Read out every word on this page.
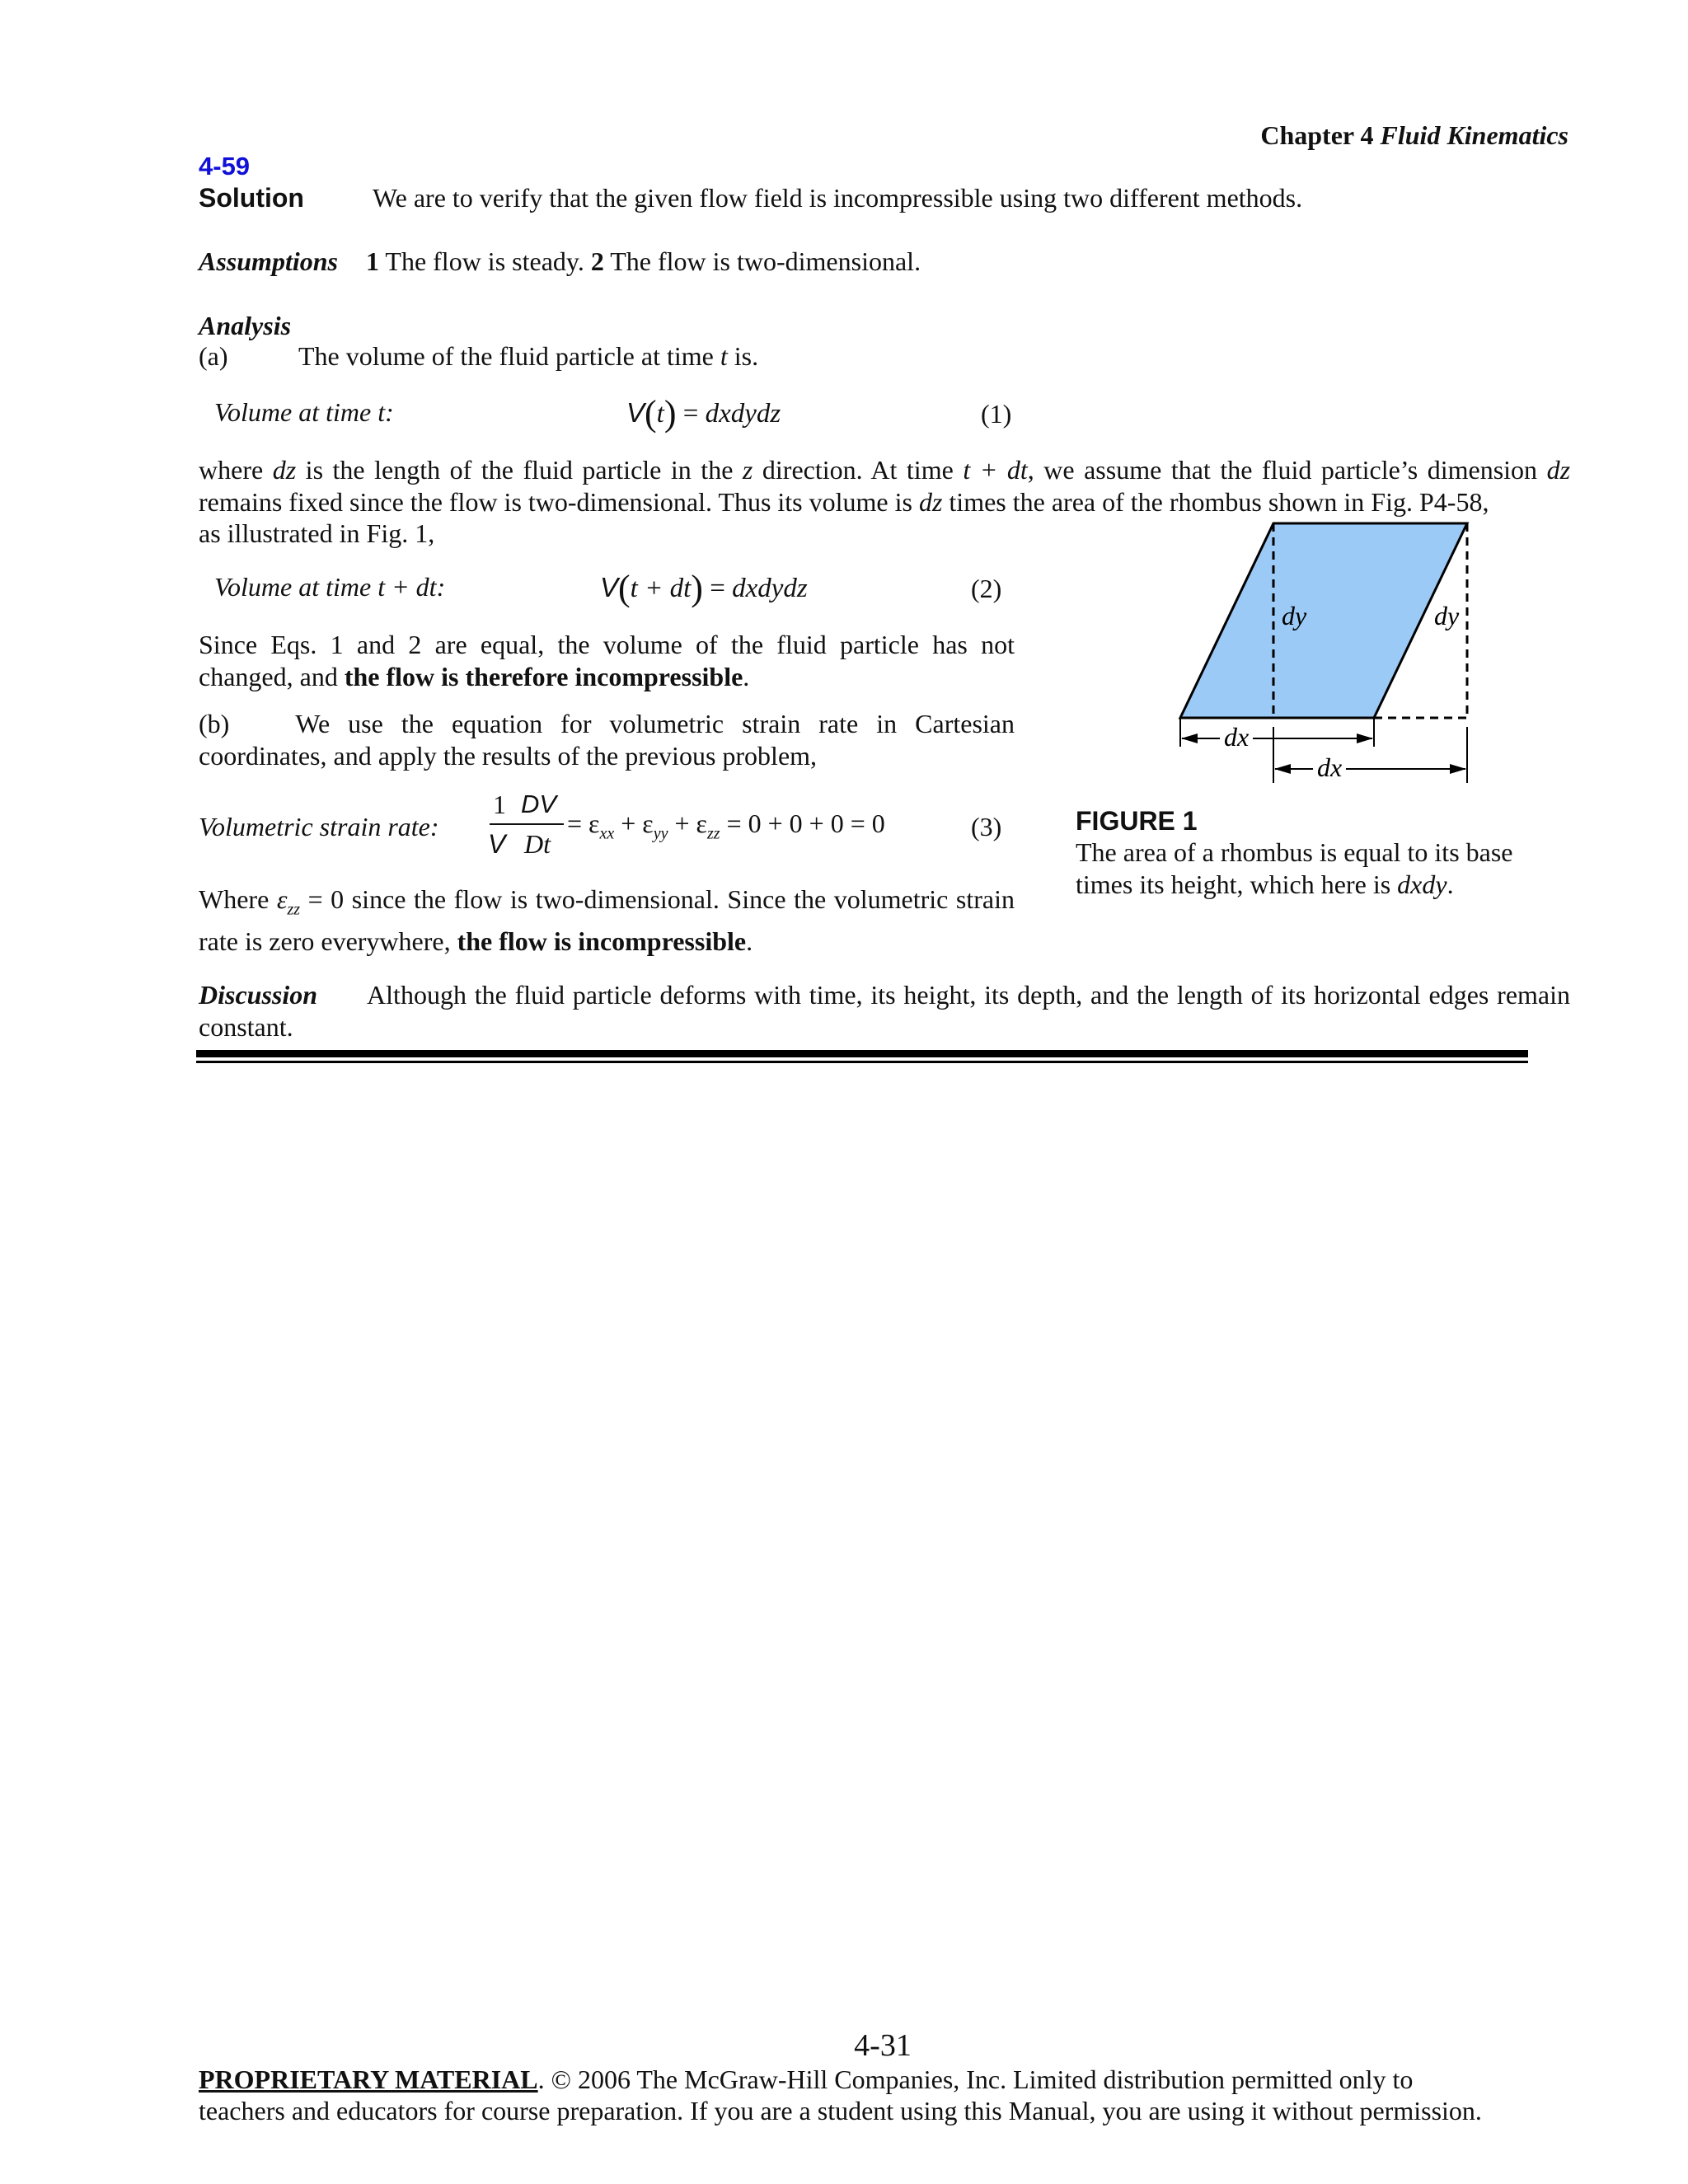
Chapter 4 Fluid Kinematics
4-59
Solution	We are to verify that the given flow field is incompressible using two different methods.
Assumptions 1 The flow is steady. 2 The flow is two-dimensional.
Analysis
(a)	The volume of the fluid particle at time t is.
Volume at time t:	V(t) = dxdydz	(1)
where dz is the length of the fluid particle in the z direction. At time t + dt, we assume that the fluid particle’s dimension dz remains fixed since the flow is two-dimensional. Thus its volume is dz times the area of the rhombus shown in Fig. P4-58,
as illustrated in Fig. 1,
Volume at time t + dt:	V(t + dt) = dxdydz	(2)
Since Eqs. 1 and 2 are equal, the volume of the fluid particle has not changed, and the flow is therefore incompressible.
(b)	We use the equation for volumetric strain rate in Cartesian coordinates, and apply the results of the previous problem,
Volumetric strain rate:
1
V
DV
Dt
= $\varepsilon_{xx} + \varepsilon_{yy} + \varepsilon_{zz} = 0 + 0 + 0 = 0$	(3)
Where $\varepsilon_{zz} = 0$ since the flow is two-dimensional. Since the volumetric strain rate is zero everywhere, the flow is incompressible.
dy	dy
dx
dx
FIGURE 1
The area of a rhombus is equal to its base times its height, which here is dxdy.
Discussion Although the fluid particle deforms with time, its height, its depth, and the length of its horizontal edges remain constant.
4-31
PROPRIETARY MATERIAL. © 2006 The McGraw-Hill Companies, Inc. Limited distribution permitted only to
teachers and educators for course preparation. If you are a student using this Manual, you are using it without permission.
